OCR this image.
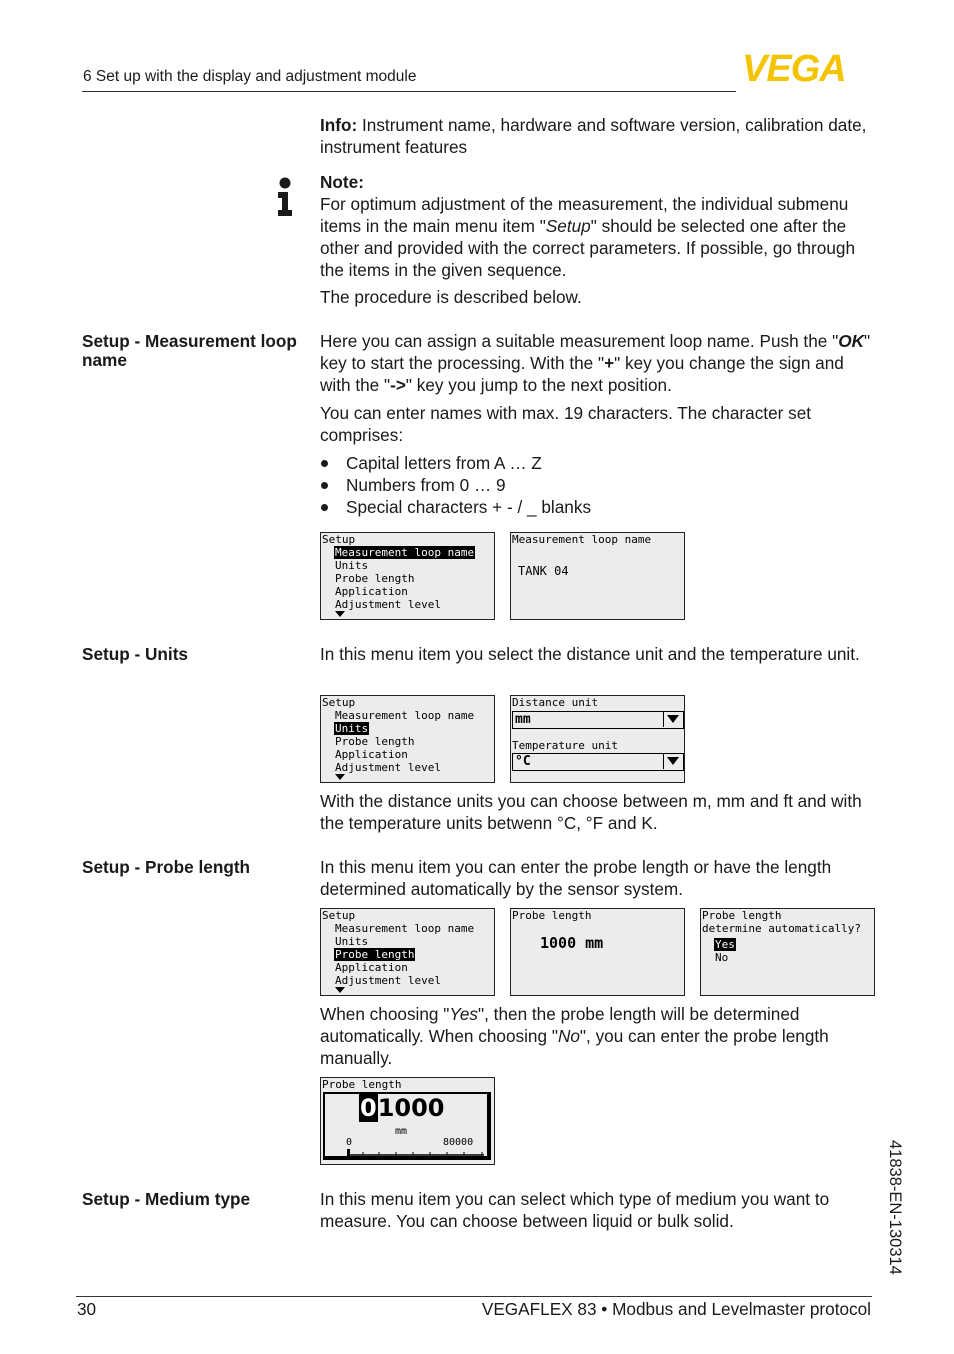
6 Set up with the display and adjustment module	VEGA
Info: Instrument name, hardware and software version, calibration date, instrument features
Note:
For optimum adjustment of the measurement, the individual submenu items in the main menu item "Setup" should be selected one after the other and provided with the correct parameters. If possible, go through the items in the given sequence.
The procedure is described below.
Setup - Measurement loop name
Here you can assign a suitable measurement loop name. Push the "OK" key to start the processing. With the "+" key you change the sign and with the "->" key you jump to the next position.
You can enter names with max. 19 characters. The character set comprises:
Capital letters from A … Z
Numbers from 0 … 9
Special characters + - / _ blanks
Setup
Measurement loop name
Units
Probe length
Application
Adjustment level
Measurement loop name
TANK 04
Setup - Units	In this menu item you select the distance unit and the temperature unit.
Setup
Measurement loop name
Units
Probe length
Application
Adjustment level
Distance unit
mm
Temperature unit
°C
With the distance units you can choose between m, mm and ft and with the temperature units betwenn °C, °F and K.
Setup - Probe length	In this menu item you can enter the probe length or have the length determined automatically by the sensor system.
Setup
Measurement loop name
Units
Probe length
Application
Adjustment level
Probe length
1000 mm
Probe length
determine automatically?
Yes
No
When choosing "Yes", then the probe length will be determined automatically. When choosing "No", you can enter the probe length manually.
Probe length
01000
mm
0	80000
Setup - Medium type	In this menu item you can select which type of medium you want to measure. You can choose between liquid or bulk solid.	41838-EN-130314
30	VEGAFLEX 83 • Modbus and Levelmaster protocol
